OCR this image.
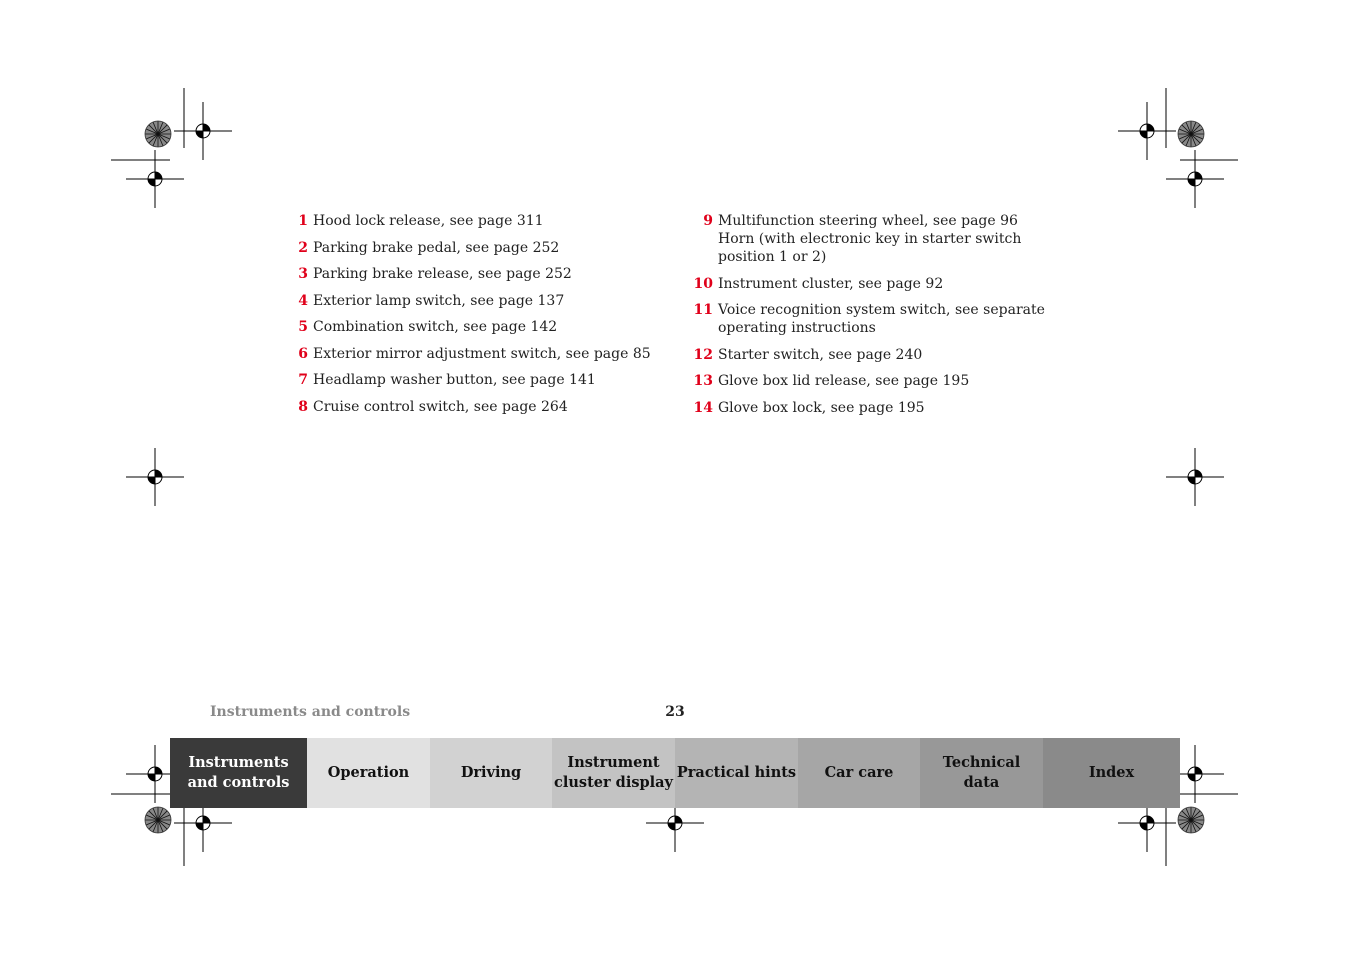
1 Hood lock release, see page 311
2 Parking brake pedal, see page 252
3 Parking brake release, see page 252
4 Exterior lamp switch, see page 137
5 Combination switch, see page 142
6 Exterior mirror adjustment switch, see page 85
7 Headlamp washer button, see page 141
8 Cruise control switch, see page 264
9 Multifunction steering wheel, see page 96
Horn (with electronic key in starter switch
position 1 or 2)
10 Instrument cluster, see page 92
11 Voice recognition system switch, see separate
operating instructions
12 Starter switch, see page 240
13 Glove box lid release, see page 195
14 Glove box lock, see page 195
Instruments and controls	23
Instruments
and controls
Operation	Driving
Instrument
cluster display
Practical hints	Car care
Technical
data
Index
